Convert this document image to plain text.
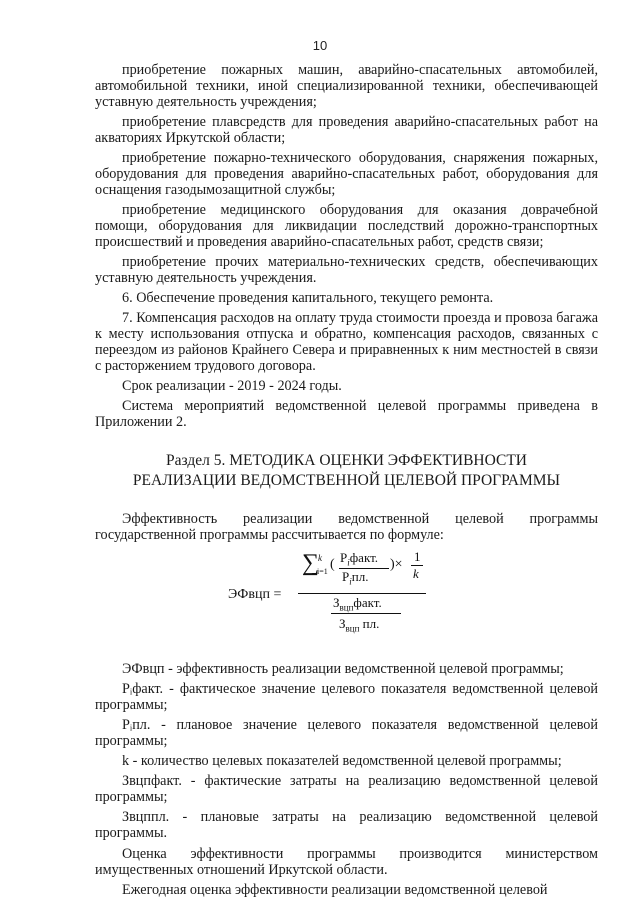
10

приобретение пожарных машин, аварийно-спасательных автомобилей, автомобильной техники, иной специализированной техники, обеспечивающей уставную деятельность учреждения;

приобретение плавсредств для проведения аварийно-спасательных работ на акваториях Иркутской области;

приобретение пожарно-технического оборудования, снаряжения пожарных, оборудования для проведения аварийно-спасательных работ, оборудования для оснащения газодымозащитной службы;

приобретение медицинского оборудования для оказания доврачебной помощи, оборудования для ликвидации последствий дорожно-транспортных происшествий и проведения аварийно-спасательных работ, средств связи;

приобретение прочих материально-технических средств, обеспечивающих уставную деятельность учреждения.

6. Обеспечение проведения капитального, текущего ремонта.

7. Компенсация расходов на оплату труда стоимости проезда и провоза багажа к месту использования отпуска и обратно, компенсация расходов, связанных с переездом из районов Крайнего Севера и приравненных к ним местностей в связи с расторжением трудового договора.

Срок реализации - 2019 - 2024 годы.

Система мероприятий ведомственной целевой программы приведена в Приложении 2.

Раздел 5. МЕТОДИКА ОЦЕНКИ ЭФФЕКТИВНОСТИ
РЕАЛИЗАЦИИ ВЕДОМСТВЕННОЙ ЦЕЛЕВОЙ ПРОГРАММЫ

Эффективность реализации ведомственной целевой программы государственной программы рассчитывается по формуле:

ЭФвцп =
∑
k
i=1 ( $P_iфакт$.
$P_iпл$.
)×
1
k
$З_{вцп}факт$.
$З_{вцп}$ пл.

ЭФвцп - эффективность реализации ведомственной целевой программы;

Pᵢфакт. - фактическое значение целевого показателя ведомственной целевой программы;

Pᵢпл. - плановое значение целевого показателя ведомственной целевой программы;

k - количество целевых показателей ведомственной целевой программы;

Звцпфакт. - фактические затраты на реализацию ведомственной целевой программы;

Звцппл. - плановые затраты на реализацию ведомственной целевой программы.

Оценка эффективности программы производится министерством имущественных отношений Иркутской области.

Ежегодная оценка эффективности реализации ведомственной целевой
